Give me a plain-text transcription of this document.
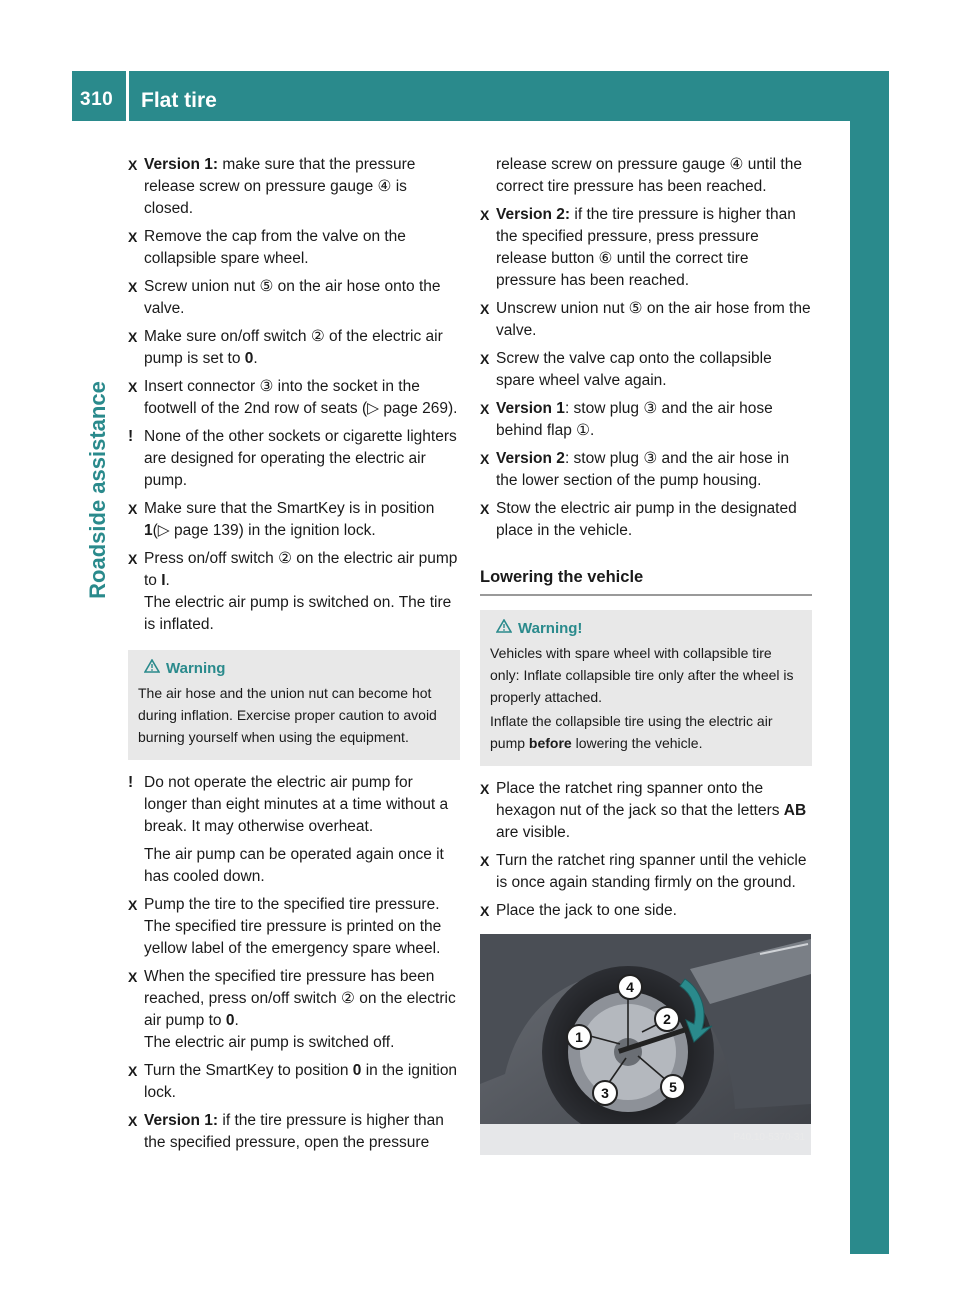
310 Flat tire
Roadside assistance
X Version 1: make sure that the pressure release screw on pressure gauge ④ is closed.

X Remove the cap from the valve on the collapsible spare wheel.

X Screw union nut ⑤ on the air hose onto the valve.

X Make sure on/off switch ② of the electric air pump is set to 0.

X Insert connector ③ into the socket in the footwell of the 2nd row of seats (▷ page 269).

! None of the other sockets or cigarette lighters are designed for operating the electric air pump.

X Make sure that the SmartKey is in position 1(▷ page 139) in the ignition lock.

X Press on/off switch ② on the electric air pump to I.

The electric air pump is switched on. The tire is inflated.

Warning

The air hose and the union nut can become hot during inflation. Exercise proper caution to avoid burning yourself when using the equipment.

! Do not operate the electric air pump for longer than eight minutes at a time without a break. It may otherwise overheat.

The air pump can be operated again once it has cooled down.

X Pump the tire to the specified tire pressure.

The specified tire pressure is printed on the yellow label of the emergency spare wheel.

X When the specified tire pressure has been reached, press on/off switch ② on the electric air pump to 0.

The electric air pump is switched off.

X Turn the SmartKey to position 0 in the ignition lock.

X Version 1: if the tire pressure is higher than the specified pressure, open the pressure

release screw on pressure gauge ④ until the correct tire pressure has been reached.

X Version 2: if the tire pressure is higher than the specified pressure, press pressure release button ⑥ until the correct tire pressure has been reached.

X Unscrew union nut ⑤ on the air hose from the valve.

X Screw the valve cap onto the collapsible spare wheel valve again.

X Version 1: stow plug ③ and the air hose behind flap ①.

X Version 2: stow plug ③ and the air hose in the lower section of the pump housing.

X Stow the electric air pump in the designated place in the vehicle.

Lowering the vehicle
Warning!

Vehicles with spare wheel with collapsible tire only: Inflate collapsible tire only after the wheel is properly attached.

Inflate the collapsible tire using the electric air pump before lowering the vehicle.

X Place the ratchet ring spanner onto the hexagon nut of the jack so that the letters AB are visible.

X Turn the ratchet ring spanner until the vehicle is once again standing firmly on the ground.

X Place the jack to one side.

4
2
1
3	5
P40.10-5370-31
